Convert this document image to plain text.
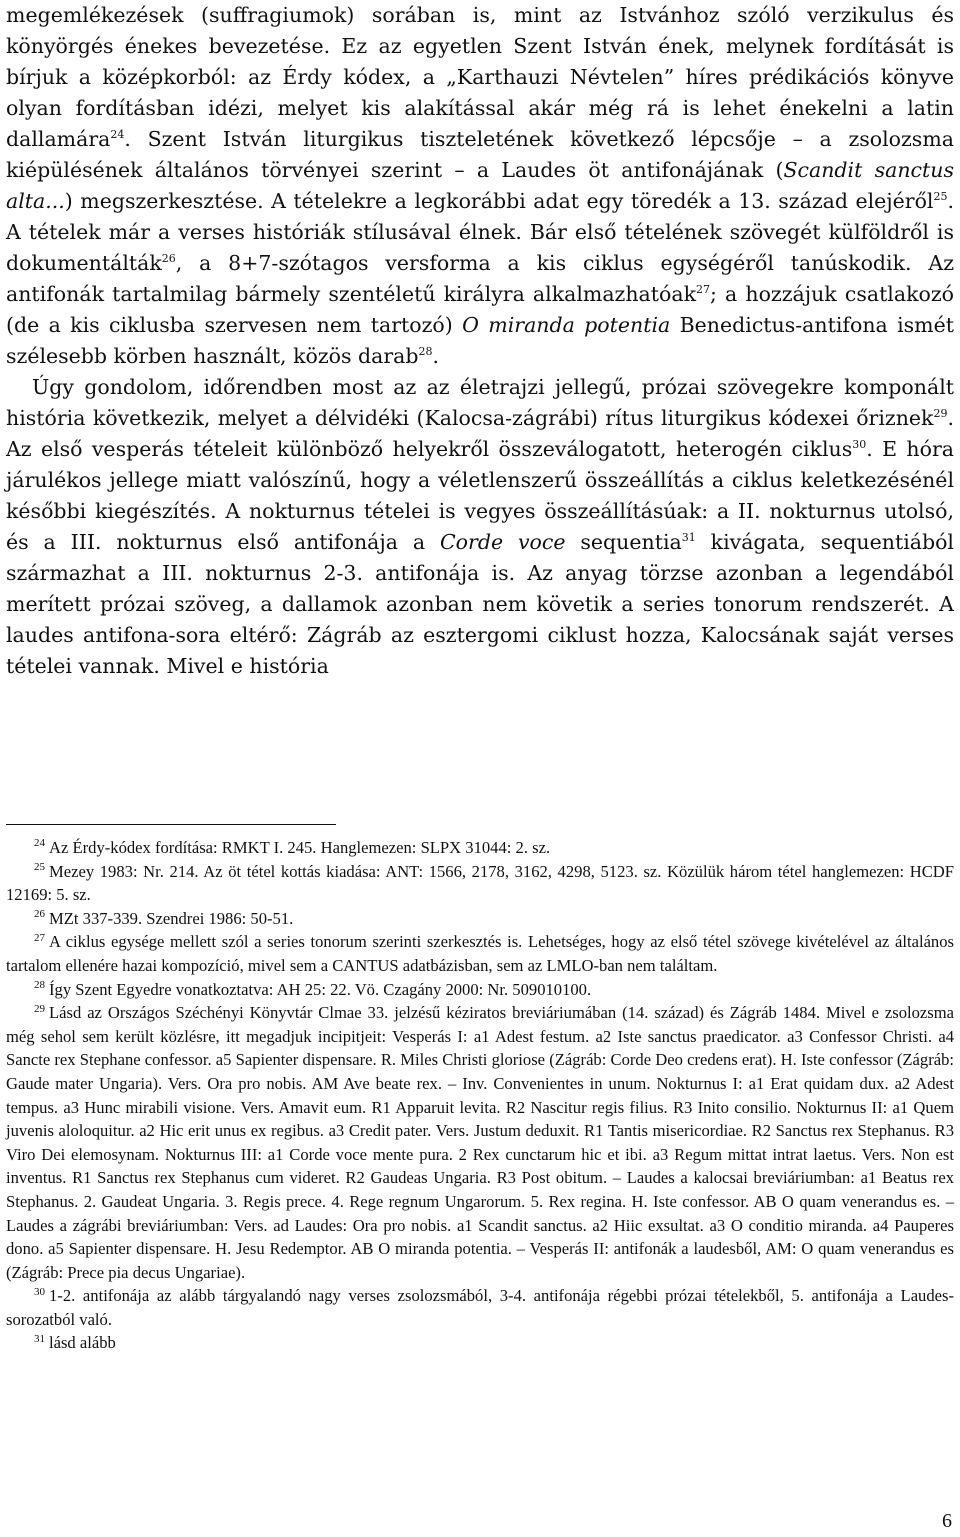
megemlékezések (suffragiumok) sorában is, mint az Istvánhoz szóló verzikulus és könyörgés énekes bevezetése. Ez az egyetlen Szent István ének, melynek fordítását is bírjuk a középkorból: az Érdy kódex, a „Karthauzi Névtelen” híres prédikációs könyve olyan fordításban idézi, melyet kis alakítással akár még rá is lehet énekelni a latin dallamára$^{24}$. Szent István liturgikus tiszteletének következő lépcsője – a zsolozsma kiépülésének általános törvényei szerint – a Laudes öt antifonájának (Scandit sanctus alta...) megszerkesztése. A tételekre a legkorábbi adat egy töredék a 13. század elejéről$^{25}$. A tételek már a verses históriák stílusával élnek. Bár első tételének szövegét külföldről is dokumentálták$^{26}$, a 8+7-szótagos versforma a kis ciklus egységéről tanúskodik. Az antifonák tartalmilag bármely szentéletű királyra alkalmazhatóak$^{27}$; a hozzájuk csatlakozó (de a kis ciklusba szervesen nem tartozó) O miranda potentia Benedictus-antifona ismét szélesebb körben használt, közös darab$^{28}$.

Úgy gondolom, időrendben most az az életrajzi jellegű, prózai szövegekre komponált história következik, melyet a délvidéki (Kalocsa-zágrábi) rítus liturgikus kódexei őriznek$^{29}$. Az első vesperás tételeit különböző helyekről összeválogatott, heterogén ciklus$^{30}$. E hóra járulékos jellege miatt valószínű, hogy a véletlenszerű összeállítás a ciklus keletkezésénél későbbi kiegészítés. A nokturnus tételei is vegyes összeállításúak: a II. nokturnus utolsó, és a III. nokturnus első antifonája a Corde voce sequentia$^{31}$ kivágata, sequentiából származhat a III. nokturnus 2-3. antifonája is. Az anyag törzse azonban a legendából merített prózai szöveg, a dallamok azonban nem követik a series tonorum rendszerét. A laudes antifona-sora eltérő: Zágráb az esztergomi ciklust hozza, Kalocsának saját verses tételei vannak. Mivel e história

$^{24}$ Az Érdy-kódex fordítása: RMKT I. 245. Hanglemezen: SLPX 31044: 2. sz.

$^{25}$ Mezey 1983: Nr. 214. Az öt tétel kottás kiadása: ANT: 1566, 2178, 3162, 4298, 5123. sz. Közülük három tétel hanglemezen: HCDF 12169: 5. sz.

$^{26}$ MZt 337-339. Szendrei 1986: 50-51.

$^{27}$ A ciklus egysége mellett szól a series tonorum szerinti szerkesztés is. Lehetséges, hogy az első tétel szövege kivételével az általános tartalom ellenére hazai kompozíció, mivel sem a CANTUS adatbázisban, sem az LMLO-ban nem találtam.

$^{28}$ Így Szent Egyedre vonatkoztatva: AH 25: 22. Vö. Czagány 2000: Nr. 509010100.

$^{29}$ Lásd az Országos Széchényi Könyvtár Clmae 33. jelzésű kéziratos breviáriumában (14. század) és Zágráb 1484. Mivel e zsolozsma még sehol sem került közlésre, itt megadjuk incipitjeit: Vesperás I: a1 Adest festum. a2 Iste sanctus praedicator. a3 Confessor Christi. a4 Sancte rex Stephane confessor. a5 Sapienter dispensare. R. Miles Christi gloriose (Zágráb: Corde Deo credens erat). H. Iste confessor (Zágráb: Gaude mater Ungaria). Vers. Ora pro nobis. AM Ave beate rex. – Inv. Convenientes in unum. Nokturnus I: a1 Erat quidam dux. a2 Adest tempus. a3 Hunc mirabili visione. Vers. Amavit eum. R1 Apparuit levita. R2 Nascitur regis filius. R3 Inito consilio. Nokturnus II: a1 Quem juvenis aloloquitur. a2 Hic erit unus ex regibus. a3 Credit pater. Vers. Justum deduxit. R1 Tantis misericordiae. R2 Sanctus rex Stephanus. R3 Viro Dei elemosynam. Nokturnus III: a1 Corde voce mente pura. 2 Rex cunctarum hic et ibi. a3 Regum mittat intrat laetus. Vers. Non est inventus. R1 Sanctus rex Stephanus cum videret. R2 Gaudeas Ungaria. R3 Post obitum. – Laudes a kalocsai breviáriumban: a1 Beatus rex Stephanus. 2. Gaudeat Ungaria. 3. Regis prece. 4. Rege regnum Ungarorum. 5. Rex regina. H. Iste confessor. AB O quam venerandus es. – Laudes a zágrábi breviáriumban: Vers. ad Laudes: Ora pro nobis. a1 Scandit sanctus. a2 Hiic exsultat. a3 O conditio miranda. a4 Pauperes dono. a5 Sapienter dispensare. H. Jesu Redemptor. AB O miranda potentia. – Vesperás II: antifonák a laudesből, AM: O quam venerandus es (Zágráb: Prece pia decus Ungariae).

$^{30}$ 1-2. antifonája az alább tárgyalandó nagy verses zsolozsmából, 3-4. antifonája régebbi prózai tételekből, 5. antifonája a Laudes-sorozatból való.

$^{31}$ lásd alább

6
